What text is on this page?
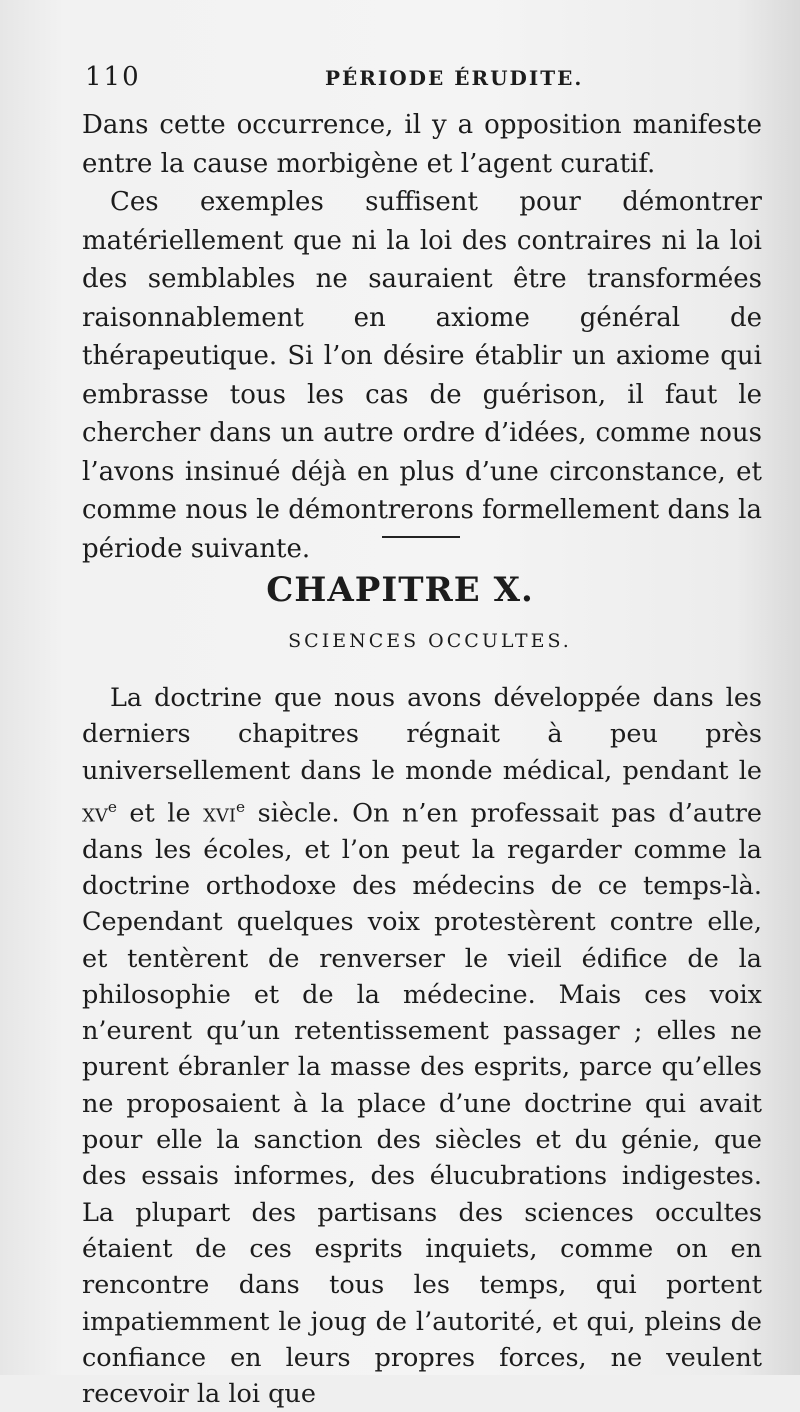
110	PÉRIODE ÉRUDITE.
Dans cette occurrence, il y a opposition manifeste entre la cause morbigène et l’agent curatif.
Ces exemples suffisent pour démontrer matériellement que ni la loi des contraires ni la loi des semblables ne sauraient être transformées raisonnablement en axiome général de thérapeutique. Si l’on désire établir un axiome qui embrasse tous les cas de guérison, il faut le chercher dans un autre ordre d’idées, comme nous l’avons insinué déjà en plus d’une circonstance, et comme nous le démontrerons formellement dans la période suivante.
CHAPITRE X.
SCIENCES OCCULTES.
La doctrine que nous avons développée dans les derniers chapitres régnait à peu près universellement dans le monde médical, pendant le $xv^e$ et le xvi$^e$ siècle. On n’en professait pas d’autre dans les écoles, et l’on peut la regarder comme la doctrine orthodoxe des médecins de ce temps-là. Cependant quelques voix protestèrent contre elle, et tentèrent de renverser le vieil édifice de la philosophie et de la médecine. Mais ces voix n’eurent qu’un retentissement passager ; elles ne purent ébranler la masse des esprits, parce qu’elles ne proposaient à la place d’une doctrine qui avait pour elle la sanction des siècles et du génie, que des essais informes, des élucubrations indigestes. La plupart des partisans des sciences occultes étaient de ces esprits inquiets, comme on en rencontre dans tous les temps, qui portent impatiemment le joug de l’autorité, et qui, pleins de confiance en leurs propres forces, ne veulent recevoir la loi que
